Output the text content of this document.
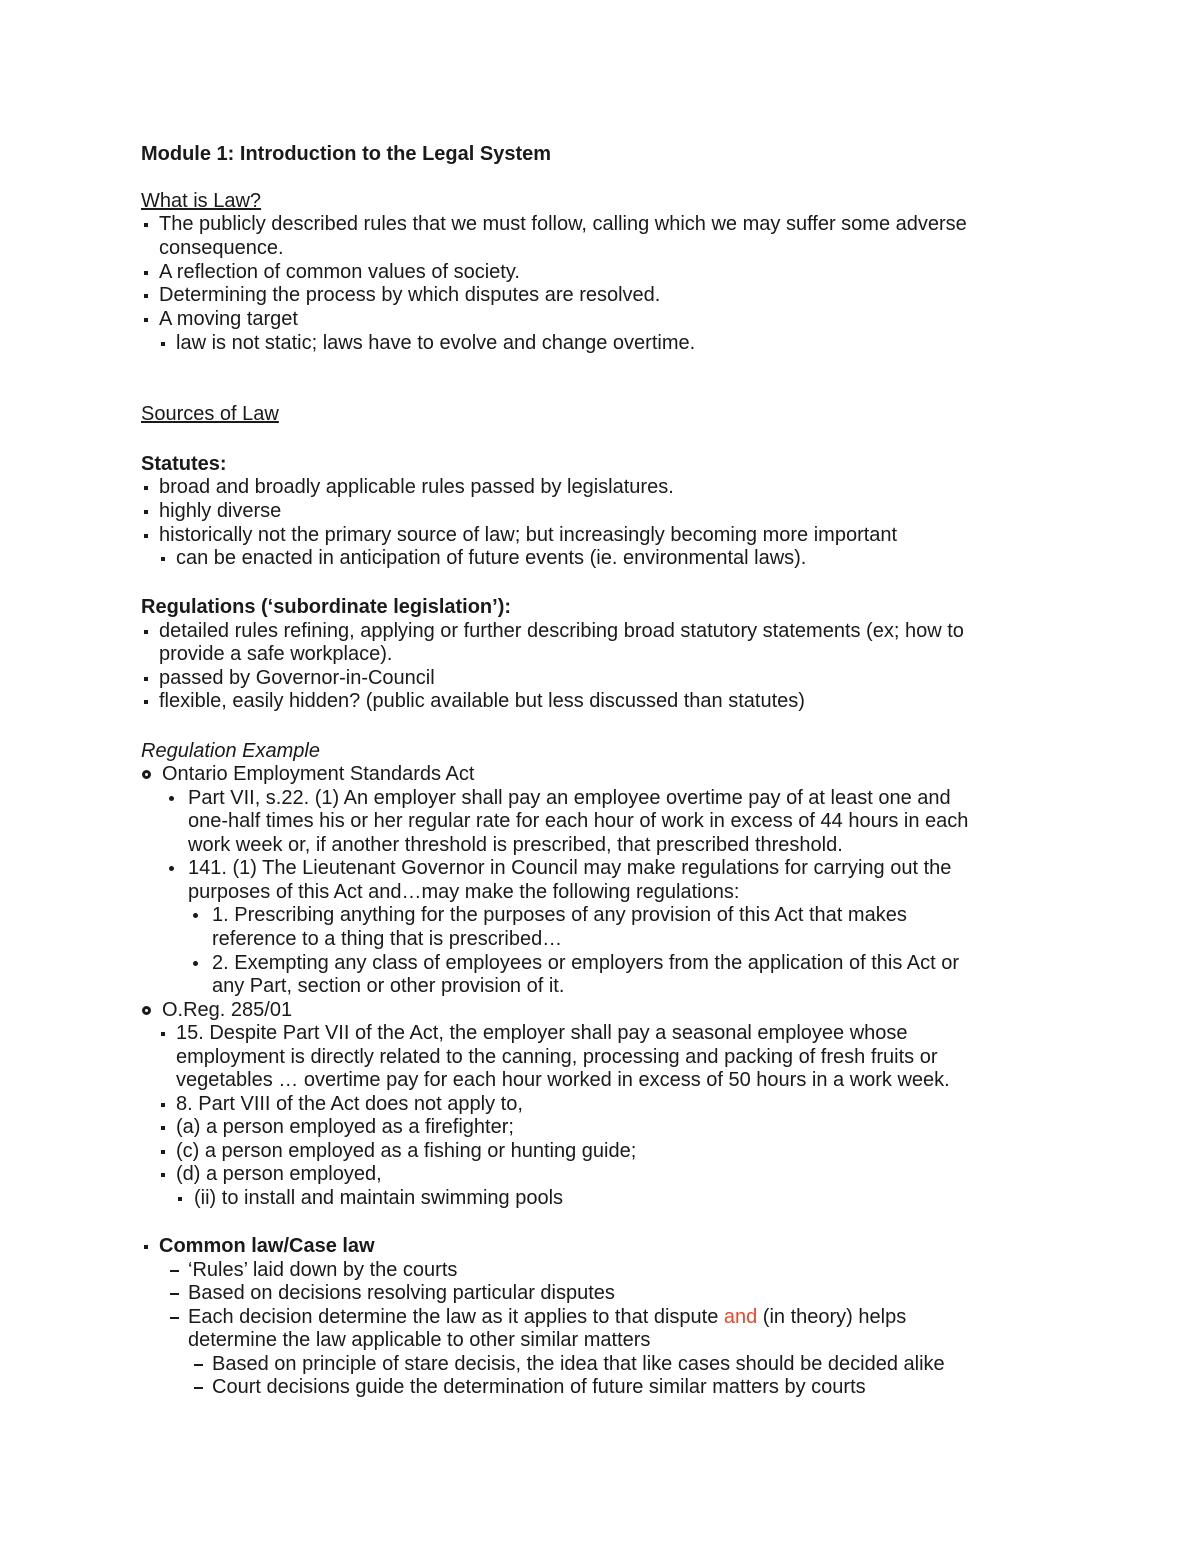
Module 1: Introduction to the Legal System
What is Law?
The publicly described rules that we must follow, calling which we may suffer some adverse
consequence.
A reflection of common values of society.
Determining the process by which disputes are resolved.
A moving target
law is not static; laws have to evolve and change overtime.
Sources of Law
Statutes:
broad and broadly applicable rules passed by legislatures.
highly diverse
historically not the primary source of law; but increasingly becoming more important
can be enacted in anticipation of future events (ie. environmental laws).
Regulations (‘subordinate legislation’):
detailed rules refining, applying or further describing broad statutory statements (ex; how to
provide a safe workplace).
passed by Governor-in-Council
flexible, easily hidden? (public available but less discussed than statutes)
Regulation Example
Ontario Employment Standards Act
Part VII, s.22. (1) An employer shall pay an employee overtime pay of at least one and
one-half times his or her regular rate for each hour of work in excess of 44 hours in each
work week or, if another threshold is prescribed, that prescribed threshold.
141. (1) The Lieutenant Governor in Council may make regulations for carrying out the
purposes of this Act and…may make the following regulations:
1. Prescribing anything for the purposes of any provision of this Act that makes
reference to a thing that is prescribed…
2. Exempting any class of employees or employers from the application of this Act or
any Part, section or other provision of it.
O.Reg. 285/01
15. Despite Part VII of the Act, the employer shall pay a seasonal employee whose
employment is directly related to the canning, processing and packing of fresh fruits or
vegetables … overtime pay for each hour worked in excess of 50 hours in a work week.
8. Part VIII of the Act does not apply to,
(a) a person employed as a firefighter;
(c) a person employed as a fishing or hunting guide;
(d) a person employed,
(ii) to install and maintain swimming pools
Common law/Case law
‘Rules’ laid down by the courts
Based on decisions resolving particular disputes
Each decision determine the law as it applies to that dispute and (in theory) helps
determine the law applicable to other similar matters
Based on principle of stare decisis, the idea that like cases should be decided alike
Court decisions guide the determination of future similar matters by courts
